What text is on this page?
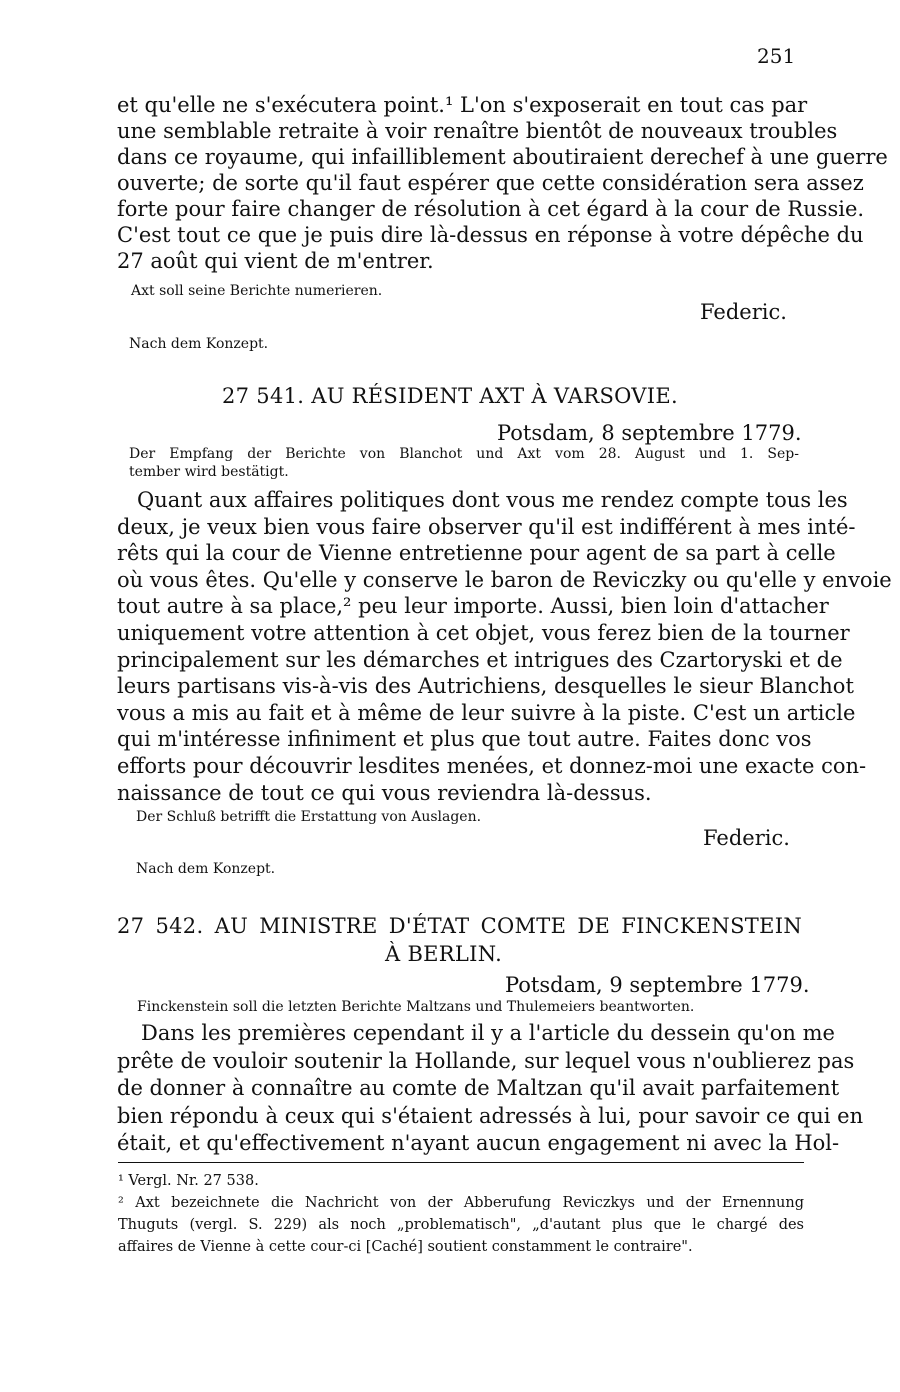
251
et qu'elle ne s'exécutera point.¹ L'on s'exposerait en tout cas par
une semblable retraite à voir renaître bientôt de nouveaux troubles
dans ce royaume, qui infailliblement aboutiraient derechef à une guerre
ouverte; de sorte qu'il faut espérer que cette considération sera assez
forte pour faire changer de résolution à cet égard à la cour de Russie.
C'est tout ce que je puis dire là-dessus en réponse à votre dépêche du
27 août qui vient de m'entrer.
Axt soll seine Berichte numerieren.
Federic.
Nach dem Konzept.
27 541. AU RÉSIDENT AXT À VARSOVIE.
Potsdam, 8 septembre 1779.
Der Empfang der Berichte von Blanchot und Axt vom 28. August und 1. Sep-
tember wird bestätigt.
Quant aux affaires politiques dont vous me rendez compte tous les
deux, je veux bien vous faire observer qu'il est indifférent à mes inté-
rêts qui la cour de Vienne entretienne pour agent de sa part à celle
où vous êtes. Qu'elle y conserve le baron de Reviczky ou qu'elle y envoie
tout autre à sa place,² peu leur importe. Aussi, bien loin d'attacher
uniquement votre attention à cet objet, vous ferez bien de la tourner
principalement sur les démarches et intrigues des Czartoryski et de
leurs partisans vis-à-vis des Autrichiens, desquelles le sieur Blanchot
vous a mis au fait et à même de leur suivre à la piste. C'est un article
qui m'intéresse infiniment et plus que tout autre. Faites donc vos
efforts pour découvrir lesdites menées, et donnez-moi une exacte con-
naissance de tout ce qui vous reviendra là-dessus.
Der Schluß betrifft die Erstattung von Auslagen.
Federic.
Nach dem Konzept.
27 542. AU MINISTRE D'ÉTAT COMTE DE FINCKENSTEIN
À BERLIN.
Potsdam, 9 septembre 1779.
Finckenstein soll die letzten Berichte Maltzans und Thulemeiers beantworten.
Dans les premières cependant il y a l'article du dessein qu'on me
prête de vouloir soutenir la Hollande, sur lequel vous n'oublierez pas
de donner à connaître au comte de Maltzan qu'il avait parfaitement
bien répondu à ceux qui s'étaient adressés à lui, pour savoir ce qui en
était, et qu'effectivement n'ayant aucun engagement ni avec la Hol-
¹ Vergl. Nr. 27 538.
² Axt bezeichnete die Nachricht von der Abberufung Reviczkys und der Ernennung
Thuguts (vergl. S. 229) als noch „problematisch", „d'autant plus que le chargé des
affaires de Vienne à cette cour-ci [Caché] soutient constamment le contraire".
